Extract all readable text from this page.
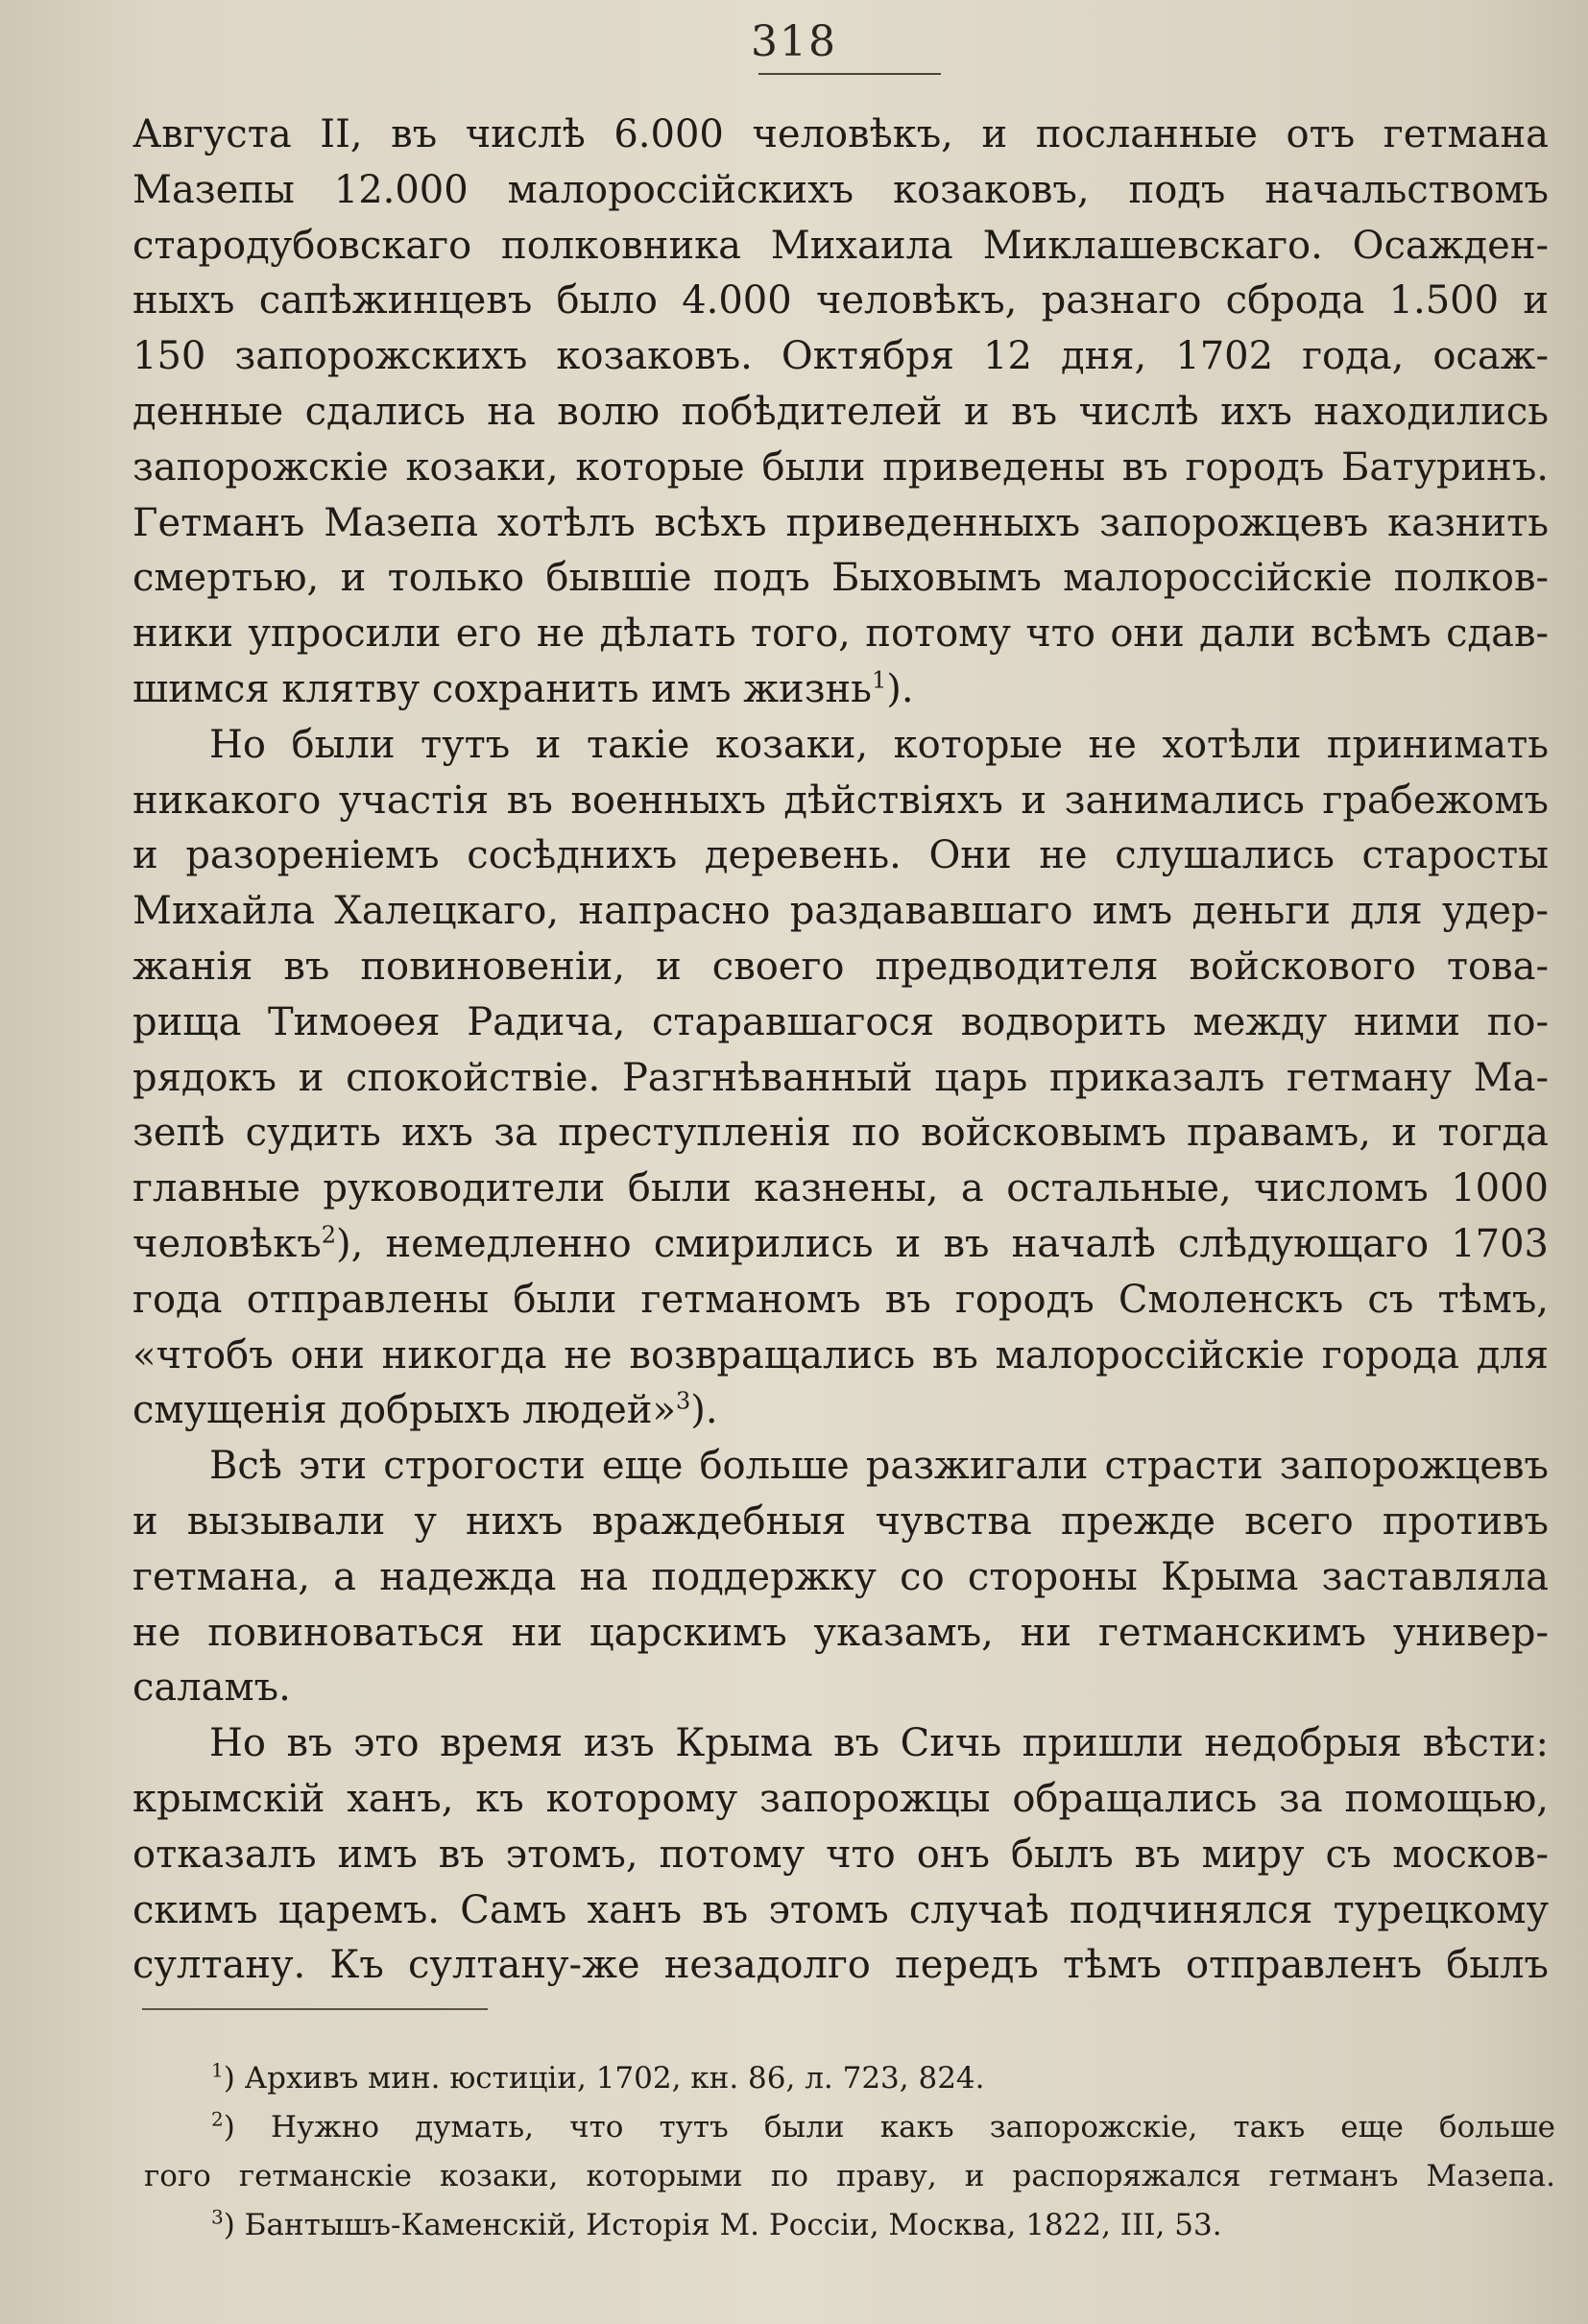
318
Августа II, въ числѣ 6.000 человѣкъ, и посланные отъ гетмана
Мазепы 12.000 малороссійскихъ козаковъ, подъ начальствомъ
стародубовскаго полковника Михаила Миклашевскаго. Осажден-
ныхъ сапѣжинцевъ было 4.000 человѣкъ, разнаго сброда 1.500 и
150 запорожскихъ козаковъ. Октября 12 дня, 1702 года, осаж-
денные сдались на волю побѣдителей и въ числѣ ихъ находились
запорожскіе козаки, которые были приведены въ городъ Батуринъ.
Гетманъ Мазепа хотѣлъ всѣхъ приведенныхъ запорожцевъ казнить
смертью, и только бывшіе подъ Быховымъ малороссійскіе полков-
ники упросили его не дѣлать того, потому что они дали всѣмъ сдав-
шимся клятву сохранить имъ жизнь$^1$).
Но были тутъ и такіе козаки, которые не хотѣли принимать
никакого участія въ военныхъ дѣйствіяхъ и занимались грабежомъ
и разореніемъ сосѣднихъ деревень. Они не слушались старосты
Михайла Халецкаго, напрасно раздававшаго имъ деньги для удер-
жанія въ повиновеніи, и своего предводителя войскового това-
рища Тимоѳея Радича, старавшагося водворить между ними по-
рядокъ и спокойствіе. Разгнѣванный царь приказалъ гетману Ма-
зепѣ судить ихъ за преступленія по войсковымъ правамъ, и тогда
главные руководители были казнены, а остальные, числомъ 1000
человѣкъ$^2$), немедленно смирились и въ началѣ слѣдующаго 1703
года отправлены были гетманомъ въ городъ Смоленскъ съ тѣмъ,
«чтобъ они никогда не возвращались въ малороссійскіе города для
смущенія добрыхъ людей»$^3$).
Всѣ эти строгости еще больше разжигали страсти запорожцевъ
и вызывали у нихъ враждебныя чувства прежде всего противъ
гетмана, а надежда на поддержку со стороны Крыма заставляла
не повиноваться ни царскимъ указамъ, ни гетманскимъ универ-
саламъ.
Но въ это время изъ Крыма въ Сичь пришли недобрыя вѣсти:
крымскій ханъ, къ которому запорожцы обращались за помощью,
отказалъ имъ въ этомъ, потому что онъ былъ въ миру съ москов-
скимъ царемъ. Самъ ханъ въ этомъ случаѣ подчинялся турецкому
султану. Къ султану-же незадолго передъ тѣмъ отправленъ былъ
$^1$) Архивъ мин. юстиціи, 1702, кн. 86, л. 723, 824.
$^2$) Нужно думать, что тутъ были какъ запорожскіе, такъ еще больше
гого гетманскіе козаки, которыми по праву, и распоряжался гетманъ Мазепа.
$^3$) Бантышъ-Каменскій, Исторія М. Россіи, Москва, 1822, III, 53.
